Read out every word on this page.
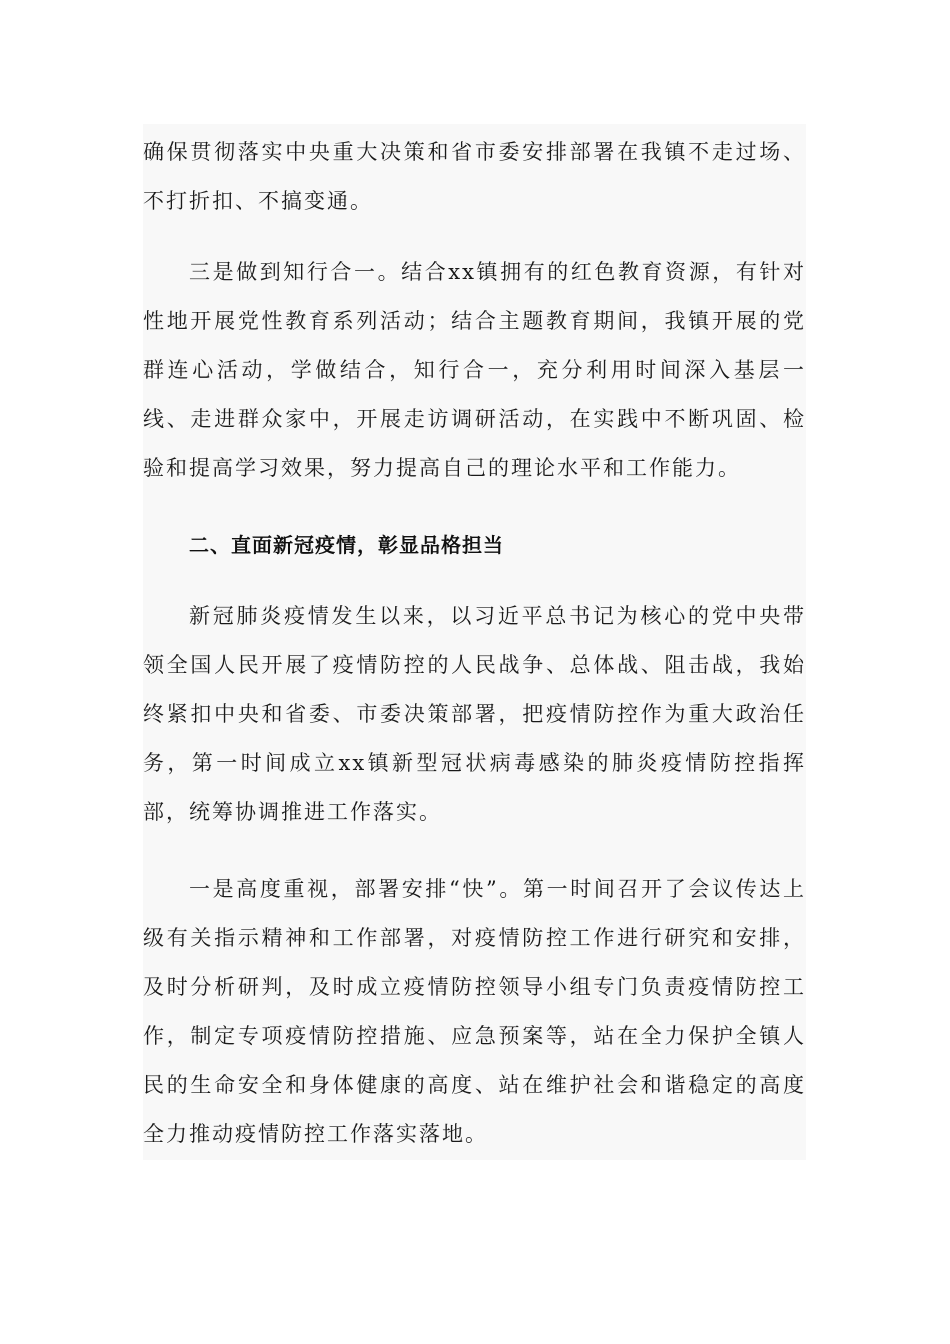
确保贯彻落实中央重大决策和省市委安排部署在我镇不走过场、不打折扣、不搞变通。

三是做到知行合一。结合xx镇拥有的红色教育资源，有针对性地开展党性教育系列活动；结合主题教育期间，我镇开展的党群连心活动，学做结合，知行合一，充分利用时间深入基层一线、走进群众家中，开展走访调研活动，在实践中不断巩固、检验和提高学习效果，努力提高自己的理论水平和工作能力。

二、直面新冠疫情，彰显品格担当

新冠肺炎疫情发生以来，以习近平总书记为核心的党中央带领全国人民开展了疫情防控的人民战争、总体战、阻击战，我始终紧扣中央和省委、市委决策部署，把疫情防控作为重大政治任务，第一时间成立xx镇新型冠状病毒感染的肺炎疫情防控指挥部，统筹协调推进工作落实。

一是高度重视，部署安排“快”。第一时间召开了会议传达上级有关指示精神和工作部署，对疫情防控工作进行研究和安排，及时分析研判，及时成立疫情防控领导小组专门负责疫情防控工作，制定专项疫情防控措施、应急预案等，站在全力保护全镇人民的生命安全和身体健康的高度、站在维护社会和谐稳定的高度全力推动疫情防控工作落实落地。
